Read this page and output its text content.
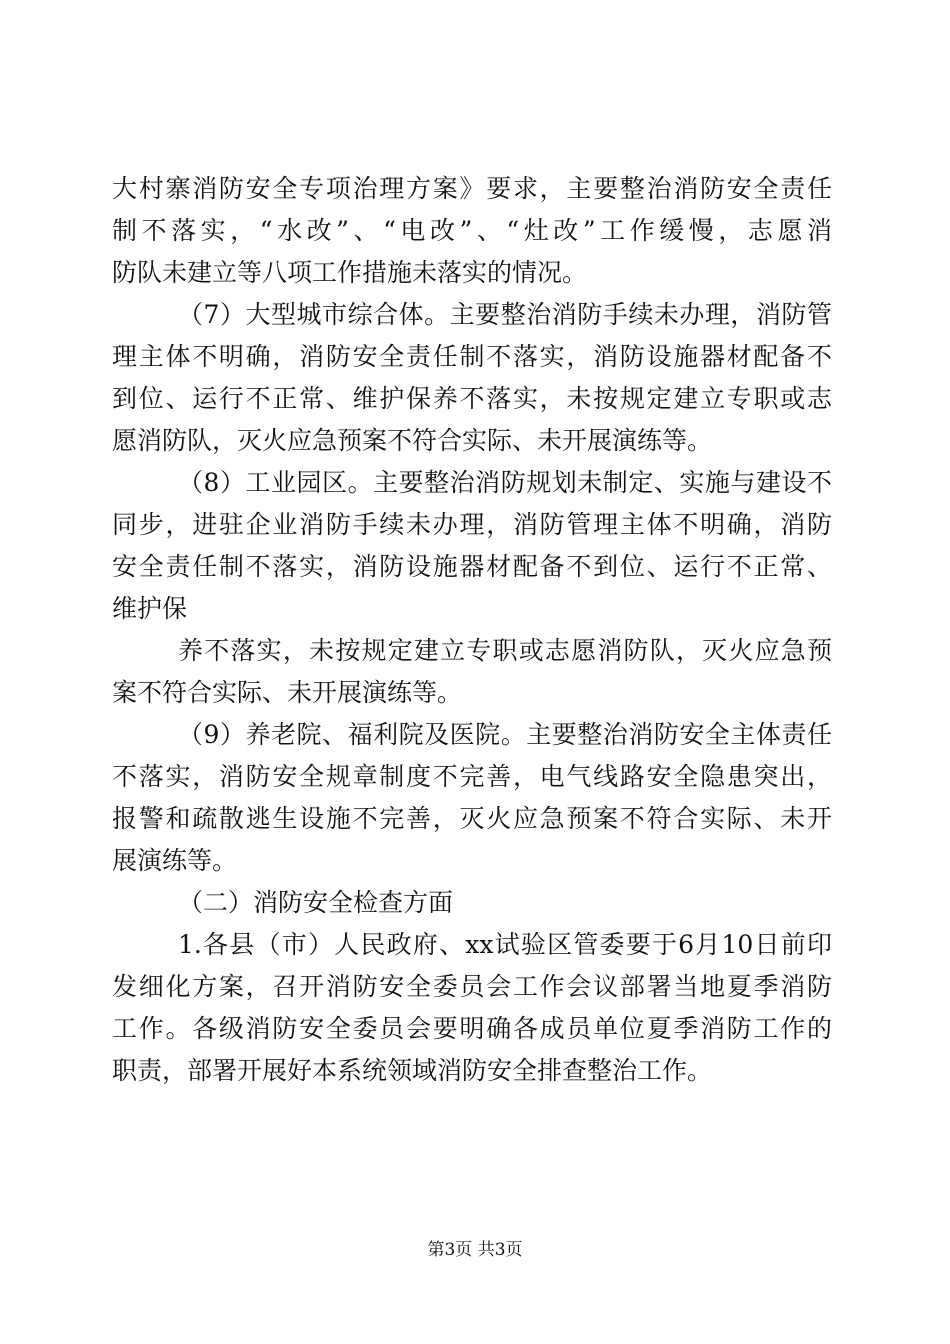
大村寨消防安全专项治理方案》要求，主要整治消防安全责任
制不落实，“水改”、“电改”、“灶改”工作缓慢，志愿消
防队未建立等八项工作措施未落实的情况。
（7）大型城市综合体。主要整治消防手续未办理，消防管
理主体不明确，消防安全责任制不落实，消防设施器材配备不
到位、运行不正常、维护保养不落实，未按规定建立专职或志
愿消防队，灭火应急预案不符合实际、未开展演练等。
（8）工业园区。主要整治消防规划未制定、实施与建设不
同步，进驻企业消防手续未办理，消防管理主体不明确，消防
安全责任制不落实，消防设施器材配备不到位、运行不正常、
维护保
养不落实，未按规定建立专职或志愿消防队，灭火应急预
案不符合实际、未开展演练等。
（9）养老院、福利院及医院。主要整治消防安全主体责任
不落实，消防安全规章制度不完善，电气线路安全隐患突出，
报警和疏散逃生设施不完善，灭火应急预案不符合实际、未开
展演练等。
（二）消防安全检查方面
1.各县（市）人民政府、xx试验区管委要于6月10日前印
发细化方案，召开消防安全委员会工作会议部署当地夏季消防
工作。各级消防安全委员会要明确各成员单位夏季消防工作的
职责，部署开展好本系统领域消防安全排查整治工作。
第3页 共3页
